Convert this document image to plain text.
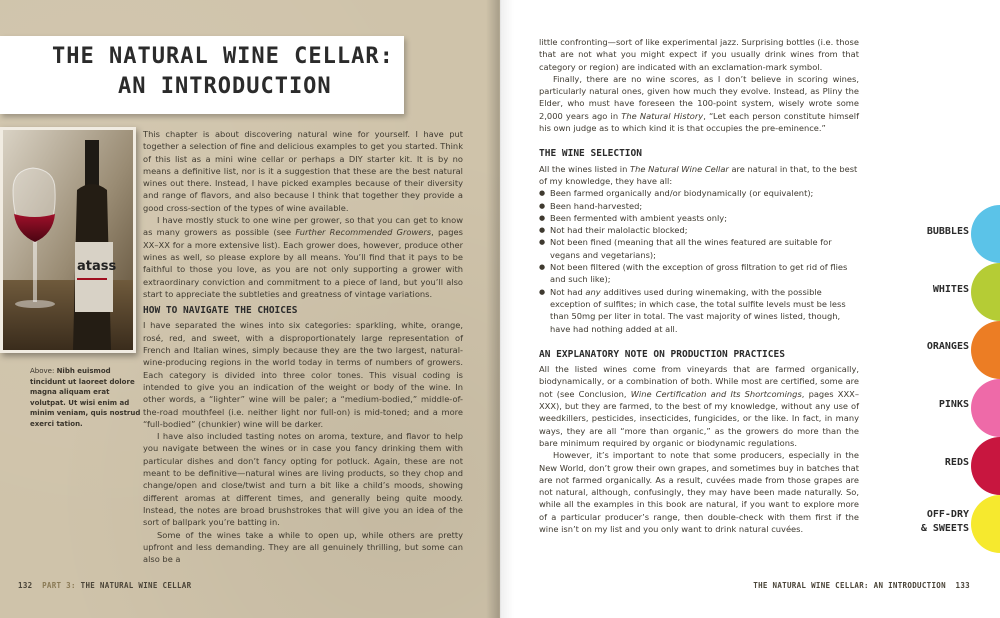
THE NATURAL WINE CELLAR:
AN INTRODUCTION
atass
Above: Nibh euismod tincidunt ut laoreet dolore magna aliquam erat volutpat. Ut wisi enim ad minim veniam, quis nostrud exerci tation.

This chapter is about discovering natural wine for yourself. I have put together a selection of fine and delicious examples to get you started. Think of this list as a mini wine cellar or perhaps a DIY starter kit. It is by no means a definitive list, nor is it a suggestion that these are the best natural wines out there. Instead, I have picked examples because of their diversity and range of flavors, and also because I think that together they provide a good cross-section of the types of wine available.

I have mostly stuck to one wine per grower, so that you can get to know as many growers as possible (see Further Recommended Growers, pages XX–XX for a more extensive list). Each grower does, however, produce other wines as well, so please explore by all means. You’ll find that it pays to be faithful to those you love, as you are not only supporting a grower with extraordinary conviction and commitment to a piece of land, but you’ll also start to appreciate the subtleties and greatness of vintage variations.

HOW TO NAVIGATE THE CHOICES

I have separated the wines into six categories: sparkling, white, orange, rosé, red, and sweet, with a disproportionately large representation of French and Italian wines, simply because they are the two largest, natural-wine-producing regions in the world today in terms of numbers of growers. Each category is divided into three color tones. This visual coding is intended to give you an indication of the weight or body of the wine. In other words, a “lighter” wine will be paler; a “medium-bodied,” middle-of-the-road mouthfeel (i.e. neither light nor full-on) is mid-toned; and a more “full-bodied” (chunkier) wine will be darker.

I have also included tasting notes on aroma, texture, and flavor to help you navigate between the wines or in case you fancy drinking them with particular dishes and don’t fancy opting for potluck. Again, these are not meant to be definitive—natural wines are living products, so they chop and change/open and close/twist and turn a bit like a child’s moods, showing different aromas at different times, and generally being quite moody. Instead, the notes are broad brushstrokes that will give you an idea of the sort of ballpark you’re batting in.

Some of the wines take a while to open up, while others are pretty upfront and less demanding. They are all genuinely thrilling, but some can also be a

132 PART 3: THE NATURAL WINE CELLAR

little confronting—sort of like experimental jazz. Surprising bottles (i.e. those that are not what you might expect if you usually drink wines from that category or region) are indicated with an exclamation-mark symbol.

Finally, there are no wine scores, as I don’t believe in scoring wines, particularly natural ones, given how much they evolve. Instead, as Pliny the Elder, who must have foreseen the 100-point system, wisely wrote some 2,000 years ago in The Natural History, “Let each person constitute himself his own judge as to which kind it is that occupies the pre-eminence.”

THE WINE SELECTION

All the wines listed in The Natural Wine Cellar are natural in that, to the best of my knowledge, they have all:

● Been farmed organically and/or biodynamically (or equivalent);
● Been hand-harvested;
● Been fermented with ambient yeasts only;
● Not had their malolactic blocked;
● Not been fined (meaning that all the wines featured are suitable for vegans and vegetarians);
● Not been filtered (with the exception of gross filtration to get rid of flies and such like);
● Not had any additives used during winemaking, with the possible exception of sulfites; in which case, the total sulfite levels must be less than 50mg per liter in total. The vast majority of wines listed, though, have had nothing added at all.
AN EXPLANATORY NOTE ON PRODUCTION PRACTICES

All the listed wines come from vineyards that are farmed organically, biodynamically, or a combination of both. While most are certified, some are not (see Conclusion, Wine Certification and Its Shortcomings, pages XXX–XXX), but they are farmed, to the best of my knowledge, without any use of weedkillers, pesticides, insecticides, fungicides, or the like. In fact, in many ways, they are all “more than organic,” as the growers do more than the bare minimum required by organic or biodynamic regulations.

However, it’s important to note that some producers, especially in the New World, don’t grow their own grapes, and sometimes buy in batches that are not farmed organically. As a result, cuvées made from those grapes are not natural, although, confusingly, they may have been made naturally. So, while all the examples in this book are natural, if you want to explore more of a particular producer’s range, then double-check with them first if the wine isn’t on my list and you only want to drink natural cuvées.

THE NATURAL WINE CELLAR: AN INTRODUCTION 133
BUBBLES
WHITES
ORANGES
PINKS
REDS
OFF-DRY
& SWEETS
